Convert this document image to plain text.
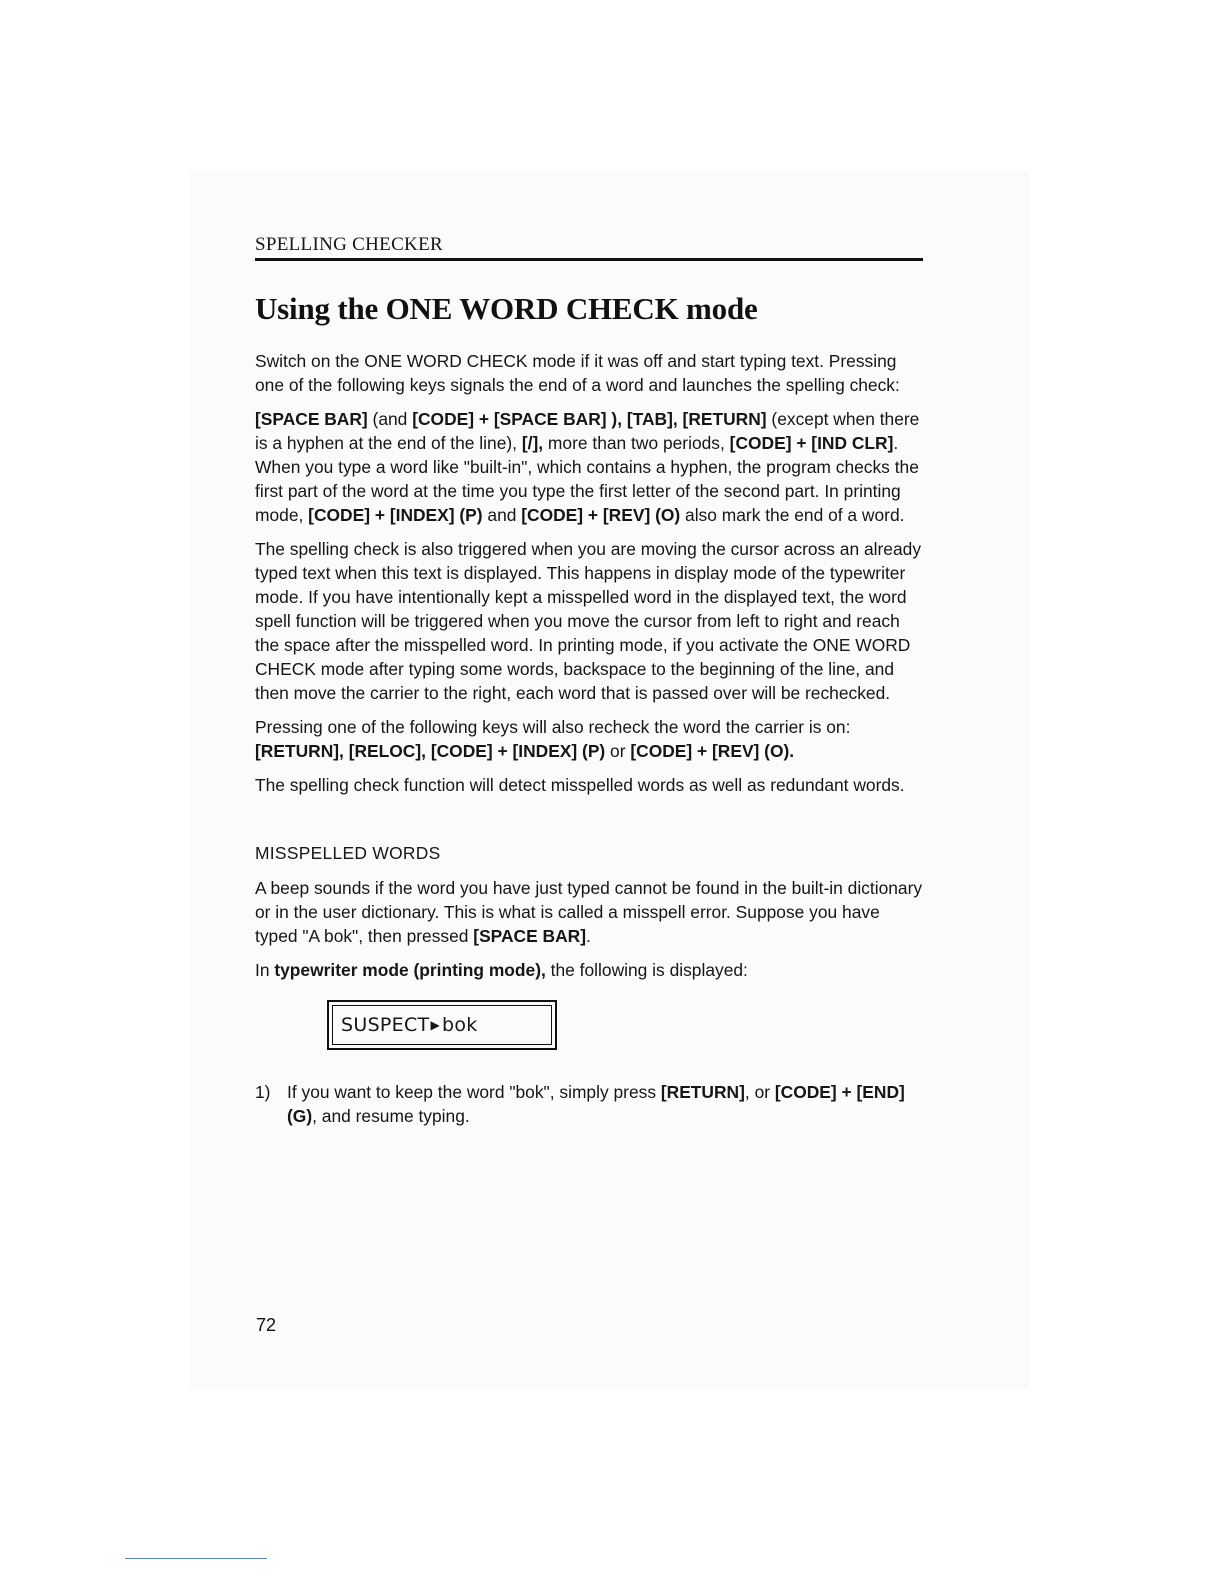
SPELLING CHECKER
Using the ONE WORD CHECK mode

Switch on the ONE WORD CHECK mode if it was off and start typing text. Pressing one of the following keys signals the end of a word and launches the spelling check:

[SPACE BAR] (and [CODE] + [SPACE BAR] ), [TAB], [RETURN] (except when there is a hyphen at the end of the line), [/], more than two periods, [CODE] + [IND CLR]. When you type a word like "built-in", which contains a hyphen, the program checks the first part of the word at the time you type the first letter of the second part. In printing mode, [CODE] + [INDEX] (P) and [CODE] + [REV] (O) also mark the end of a word.

The spelling check is also triggered when you are moving the cursor across an already typed text when this text is displayed. This happens in display mode of the typewriter mode. If you have intentionally kept a misspelled word in the displayed text, the word spell function will be triggered when you move the cursor from left to right and reach the space after the misspelled word. In printing mode, if you activate the ONE WORD CHECK mode after typing some words, backspace to the beginning of the line, and then move the carrier to the right, each word that is passed over will be rechecked.

Pressing one of the following keys will also recheck the word the carrier is on: [RETURN], [RELOC], [CODE] + [INDEX] (P) or [CODE] + [REV] (O).

The spelling check function will detect misspelled words as well as redundant words.

MISSPELLED WORDS

A beep sounds if the word you have just typed cannot be found in the built-in dictionary or in the user dictionary. This is what is called a misspell error. Suppose you have typed "A bok", then pressed [SPACE BAR].

In typewriter mode (printing mode), the following is displayed:

SUSPECT ▶ bok
1) If you want to keep the word "bok", simply press [RETURN], or [CODE] + [END] (G), and resume typing.
72
